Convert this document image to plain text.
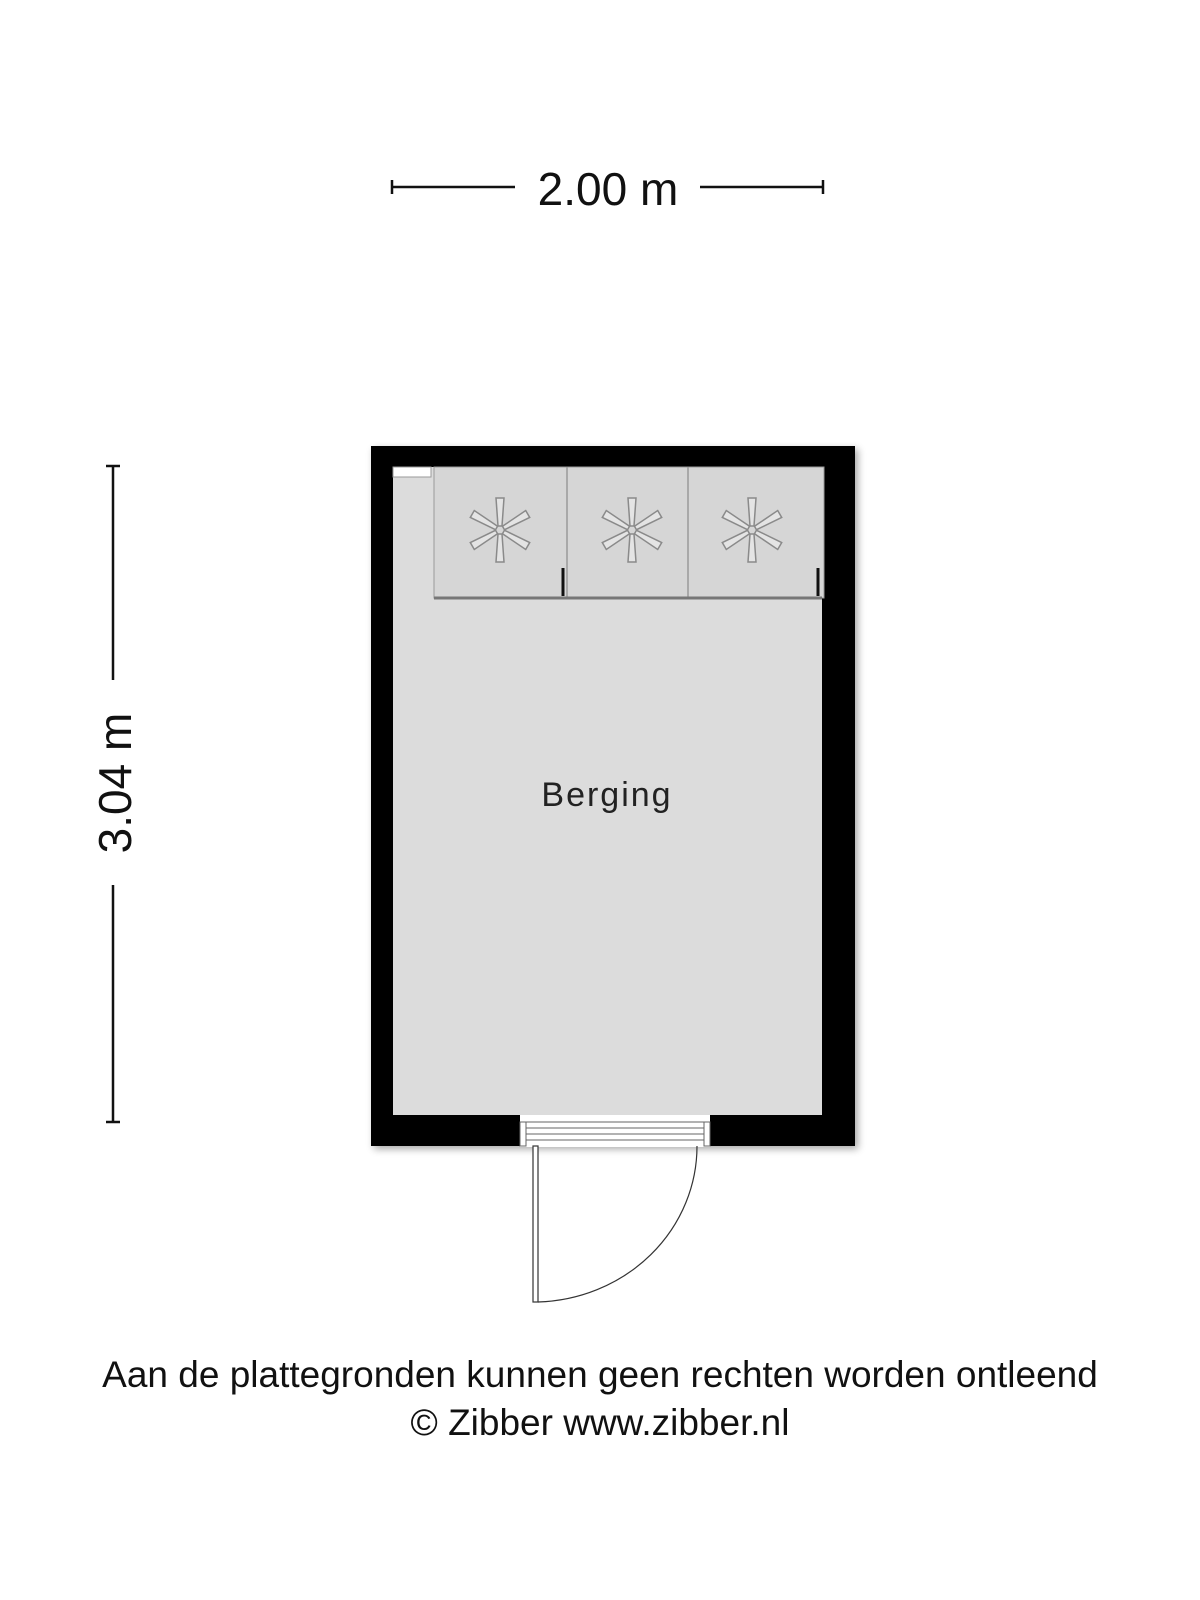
2.00 m
3.04 m	Berging
Aan de plattegronden kunnen geen rechten worden ontleend
© Zibber www.zibber.nl
